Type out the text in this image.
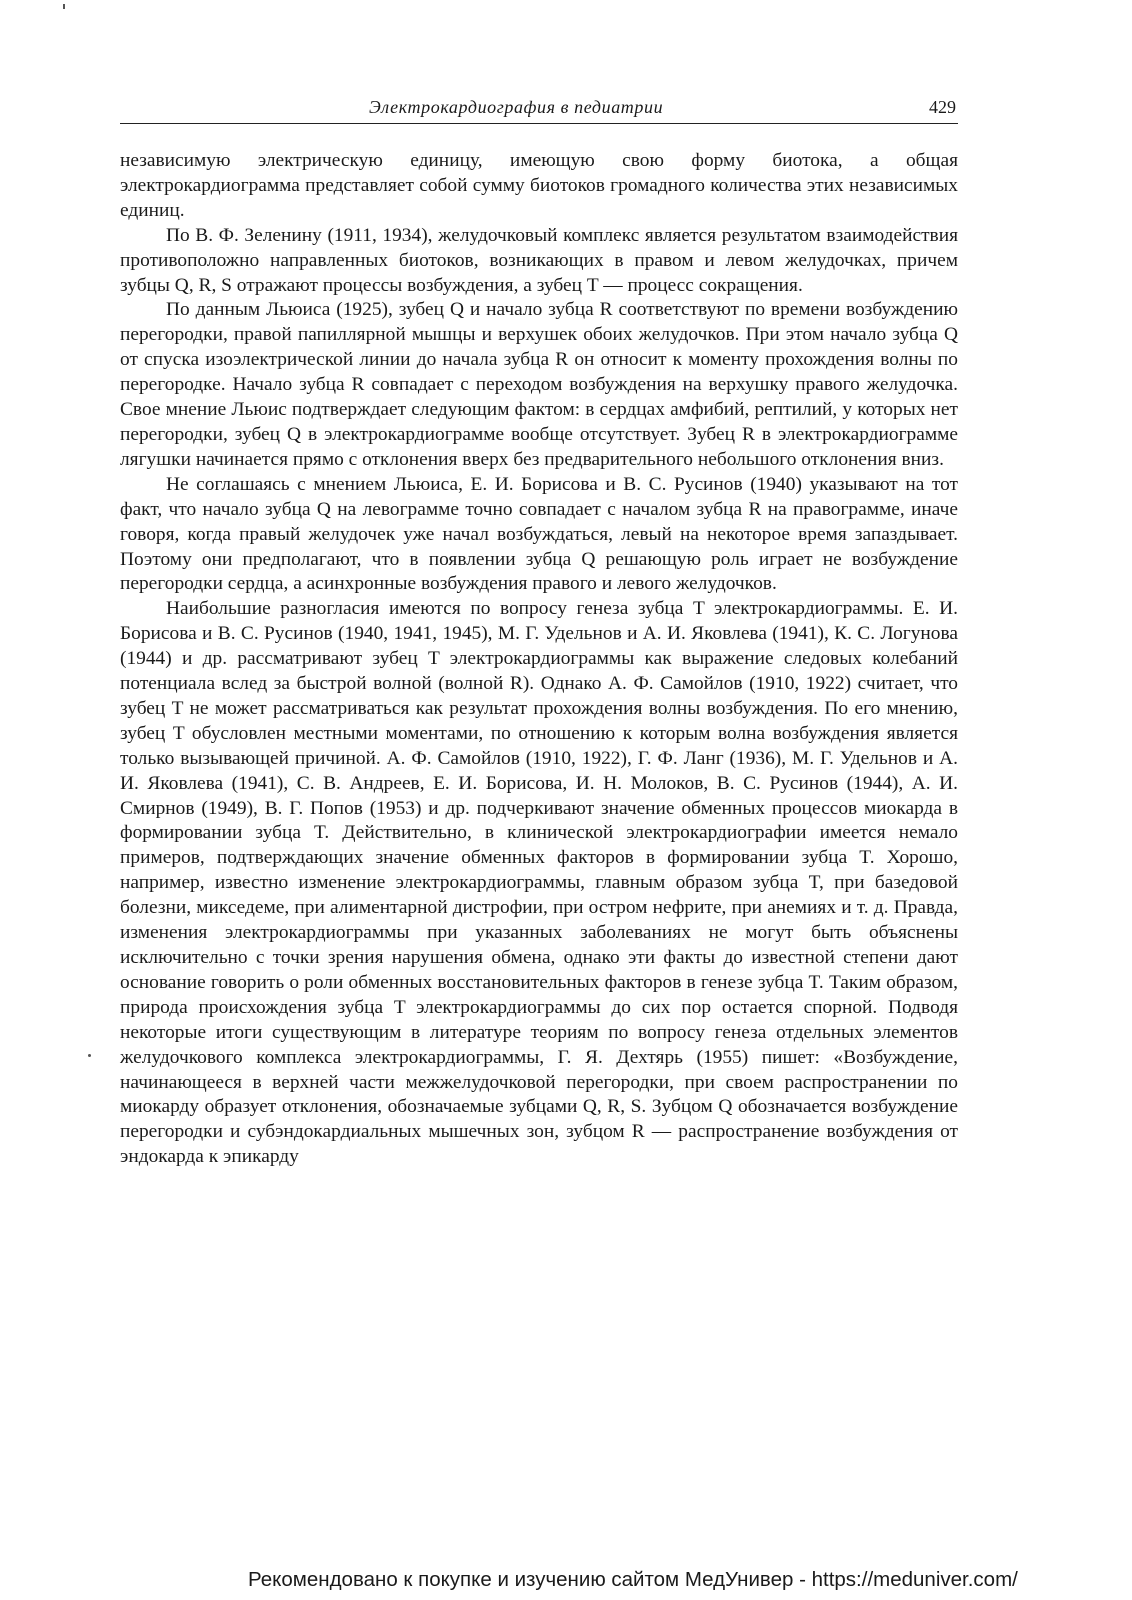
Электрокардиография в педиатрии	429

независимую электрическую единицу, имеющую свою форму биотока, а общая электрокардиограмма представляет собой сумму биотоков громадного количества этих независимых единиц.

По В. Ф. Зеленину (1911, 1934), желудочковый комплекс является результатом взаимодействия противоположно направленных биотоков, возникающих в правом и левом желудочках, причем зубцы Q, R, S отражают процессы возбуждения, а зубец T — процесс сокращения.

По данным Льюиса (1925), зубец Q и начало зубца R соответствуют по времени возбуждению перегородки, правой папиллярной мышцы и верхушек обоих желудочков. При этом начало зубца Q от спуска изоэлектрической линии до начала зубца R он относит к моменту прохождения волны по перегородке. Начало зубца R совпадает с переходом возбуждения на верхушку правого желудочка. Свое мнение Льюис подтверждает следующим фактом: в сердцах амфибий, рептилий, у которых нет перегородки, зубец Q в электрокардиограмме вообще отсутствует. Зубец R в электрокардиограмме лягушки начинается прямо с отклонения вверх без предварительного небольшого отклонения вниз.

Не соглашаясь с мнением Льюиса, Е. И. Борисова и В. С. Русинов (1940) указывают на тот факт, что начало зубца Q на левограмме точно совпадает с началом зубца R на правограмме, иначе говоря, когда правый желудочек уже начал возбуждаться, левый на некоторое время запаздывает. Поэтому они предполагают, что в появлении зубца Q решающую роль играет не возбуждение перегородки сердца, а асинхронные возбуждения правого и левого желудочков.

Наибольшие разногласия имеются по вопросу генеза зубца T электрокардиограммы. Е. И. Борисова и В. С. Русинов (1940, 1941, 1945), М. Г. Удельнов и А. И. Яковлева (1941), К. С. Логунова (1944) и др. рассматривают зубец T электрокардиограммы как выражение следовых колебаний потенциала вслед за быстрой волной (волной R). Однако А. Ф. Самойлов (1910, 1922) считает, что зубец T не может рассматриваться как результат прохождения волны возбуждения. По его мнению, зубец T обусловлен местными моментами, по отношению к которым волна возбуждения является только вызывающей причиной. А. Ф. Самойлов (1910, 1922), Г. Ф. Ланг (1936), М. Г. Удельнов и А. И. Яковлева (1941), С. В. Андреев, Е. И. Борисова, И. Н. Молоков, В. С. Русинов (1944), А. И. Смирнов (1949), В. Г. Попов (1953) и др. подчеркивают значение обменных процессов миокарда в формировании зубца T. Действительно, в клинической электрокардиографии имеется немало примеров, подтверждающих значение обменных факторов в формировании зубца T. Хорошо, например, известно изменение электрокардиограммы, главным образом зубца T, при базедовой болезни, микседеме, при алиментарной дистрофии, при остром нефрите, при анемиях и т. д. Правда, изменения электрокардиограммы при указанных заболеваниях не могут быть объяснены исключительно с точки зрения нарушения обмена, однако эти факты до известной степени дают основание говорить о роли обменных восстановительных факторов в генезе зубца T. Таким образом, природа происхождения зубца T электрокардиограммы до сих пор остается спорной. Подводя некоторые итоги существующим в литературе теориям по вопросу генеза отдельных элементов желудочкового комплекса электрокардиограммы, Г. Я. Дехтярь (1955) пишет: «Возбуждение, начинающееся в верхней части межжелудочковой перегородки, при своем распространении по миокарду образует отклонения, обозначаемые зубцами Q, R, S. Зубцом Q обозначается возбуждение перегородки и субэндокардиальных мышечных зон, зубцом R — распространение возбуждения от эндокарда к эпикарду

Рекомендовано к покупке и изучению сайтом МедУнивер - https://meduniver.com/
